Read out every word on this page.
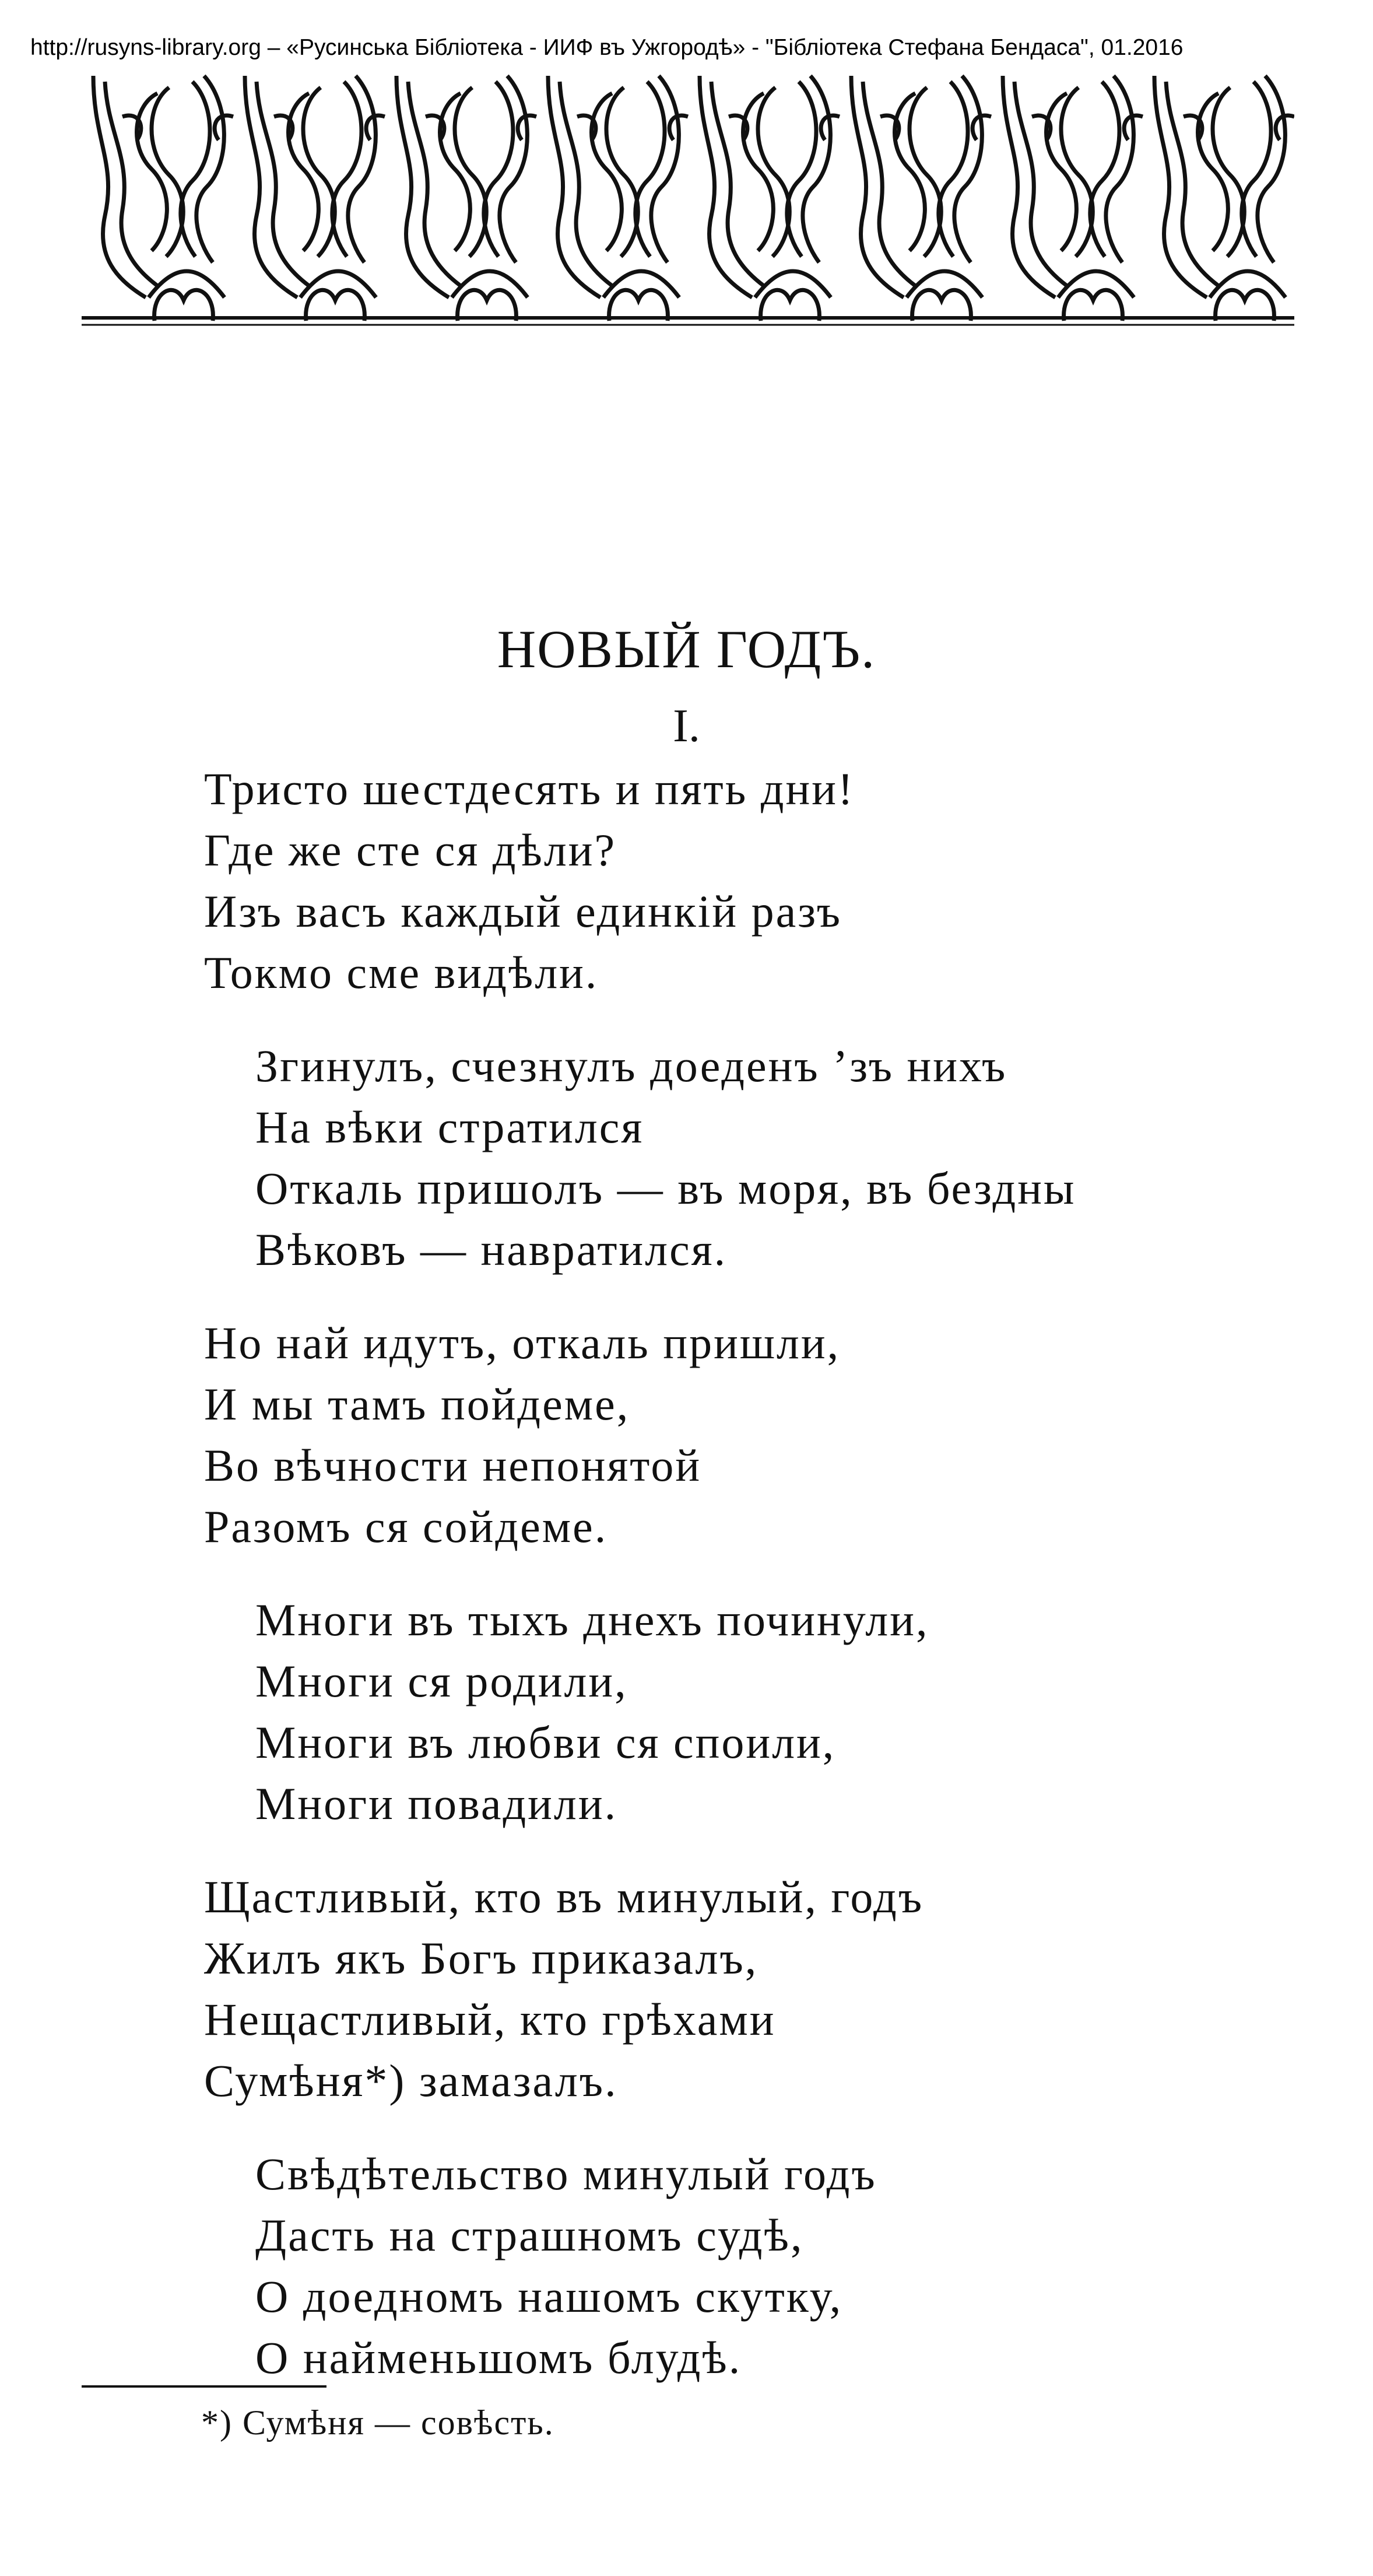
http://rusyns-library.org – «Русинська Бібліотека - ИИФ въ Ужгородѣ» - "Бібліотека Стефана Бендаса", 01.2016
НОВЫЙ ГОДЪ.
I.
Тристо шестдесять и пять дни!
Где же сте ся дѣли?
Изъ васъ каждый единкій разъ
Токмо сме видѣли.
Згинулъ, счезнулъ доеденъ ’зъ нихъ
На вѣки стратился
Откаль пришолъ — въ моря, въ бездны
Вѣковъ — навратился.
Но най идутъ, откаль пришли,
И мы тамъ пойдеме,
Во вѣчности непонятой
Разомъ ся сойдеме.
Многи въ тыхъ днехъ починули,
Многи ся родили,
Многи въ любви ся споили,
Многи повадили.
Щастливый, кто въ минулый, годъ
Жилъ якъ Богъ приказалъ,
Нещастливый, кто грѣхами
Сумѣня*) замазалъ.
Свѣдѣтельство минулый годъ
Дасть на страшномъ судѣ,
О доедномъ нашомъ скутку,
О найменьшомъ блудѣ.
*) Сумѣня — совѣсть.
